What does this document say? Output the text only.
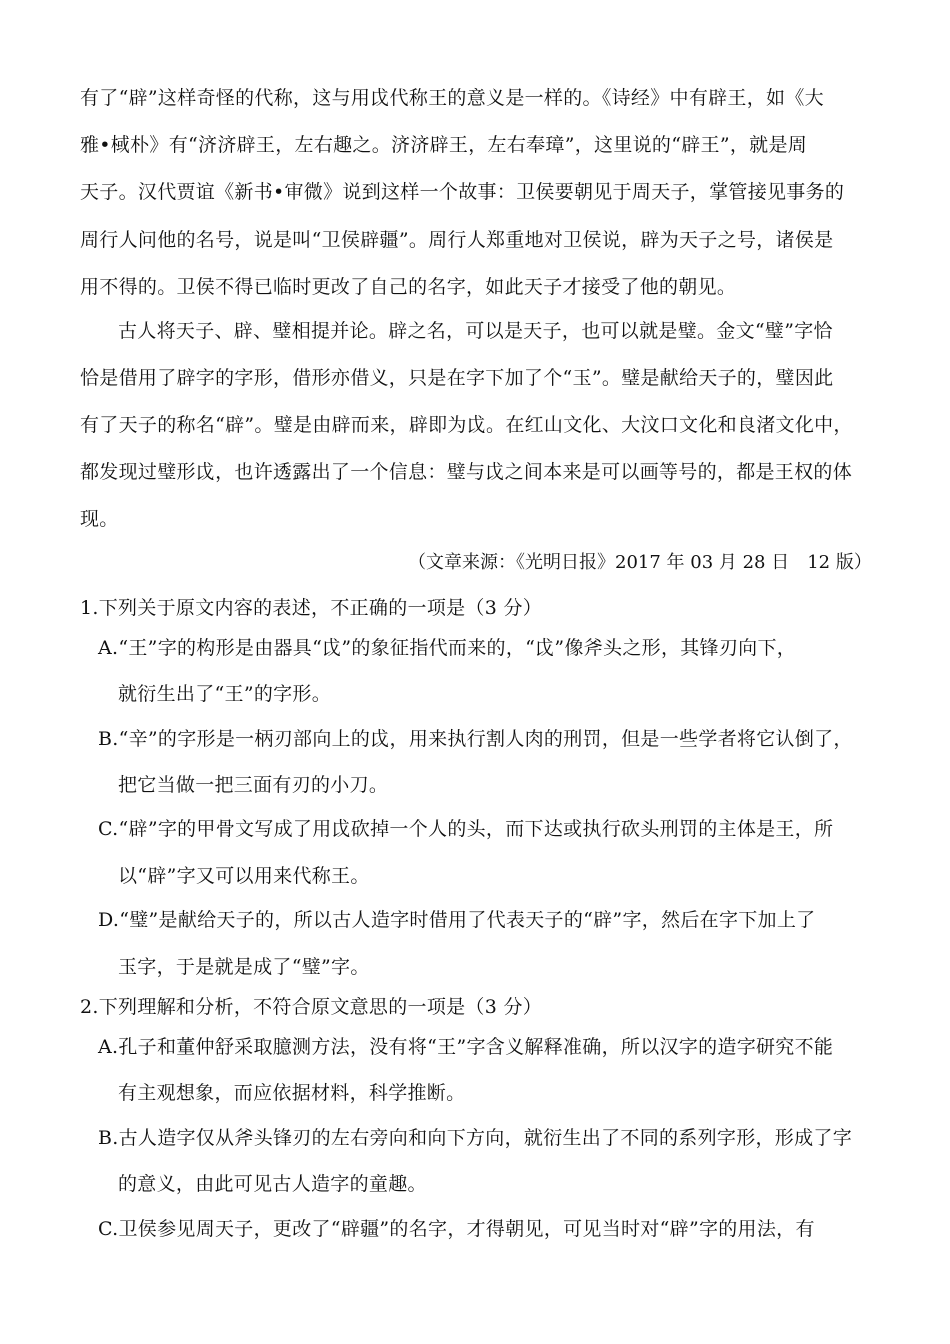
有了“辟”这样奇怪的代称，这与用戉代称王的意义是一样的。《诗经》中有辟王，如《大
雅•棫朴》有“济济辟王，左右趣之。济济辟王，左右奉璋”，这里说的“辟王”，就是周
天子。汉代贾谊《新书•审微》说到这样一个故事：卫侯要朝见于周天子，掌管接见事务的
周行人问他的名号，说是叫“卫侯辟疆”。周行人郑重地对卫侯说，辟为天子之号，诸侯是
用不得的。卫侯不得已临时更改了自己的名字，如此天子才接受了他的朝见。
古人将天子、辟、璧相提并论。辟之名，可以是天子，也可以就是璧。金文“璧”字恰
恰是借用了辟字的字形，借形亦借义，只是在字下加了个“玉”。璧是献给天子的，璧因此
有了天子的称名“辟”。璧是由辟而来，辟即为戉。在红山文化、大汶口文化和良渚文化中，
都发现过璧形戉，也许透露出了一个信息：璧与戉之间本来是可以画等号的，都是王权的体
现。
（文章来源：《光明日报》2017 年 03 月 28 日　12 版）
1.下列关于原文内容的表述，不正确的一项是（3 分）
A.“王”字的构形是由器具“戉”的象征指代而来的，“戉”像斧头之形，其锋刃向下，
就衍生出了“王”的字形。
B.“辛”的字形是一柄刃部向上的戉，用来执行割人肉的刑罚，但是一些学者将它认倒了，
把它当做一把三面有刃的小刀。
C.“辟”字的甲骨文写成了用戉砍掉一个人的头，而下达或执行砍头刑罚的主体是王，所
以“辟”字又可以用来代称王。
D.“璧”是献给天子的，所以古人造字时借用了代表天子的“辟”字，然后在字下加上了
玉字，于是就是成了“璧”字。
2.下列理解和分析，不符合原文意思的一项是（3 分）
A.孔子和董仲舒采取臆测方法，没有将“王”字含义解释准确，所以汉字的造字研究不能
有主观想象，而应依据材料，科学推断。
B.古人造字仅从斧头锋刃的左右旁向和向下方向，就衍生出了不同的系列字形，形成了字
的意义，由此可见古人造字的童趣。
C.卫侯参见周天子，更改了“辟疆”的名字，才得朝见，可见当时对“辟”字的用法，有
